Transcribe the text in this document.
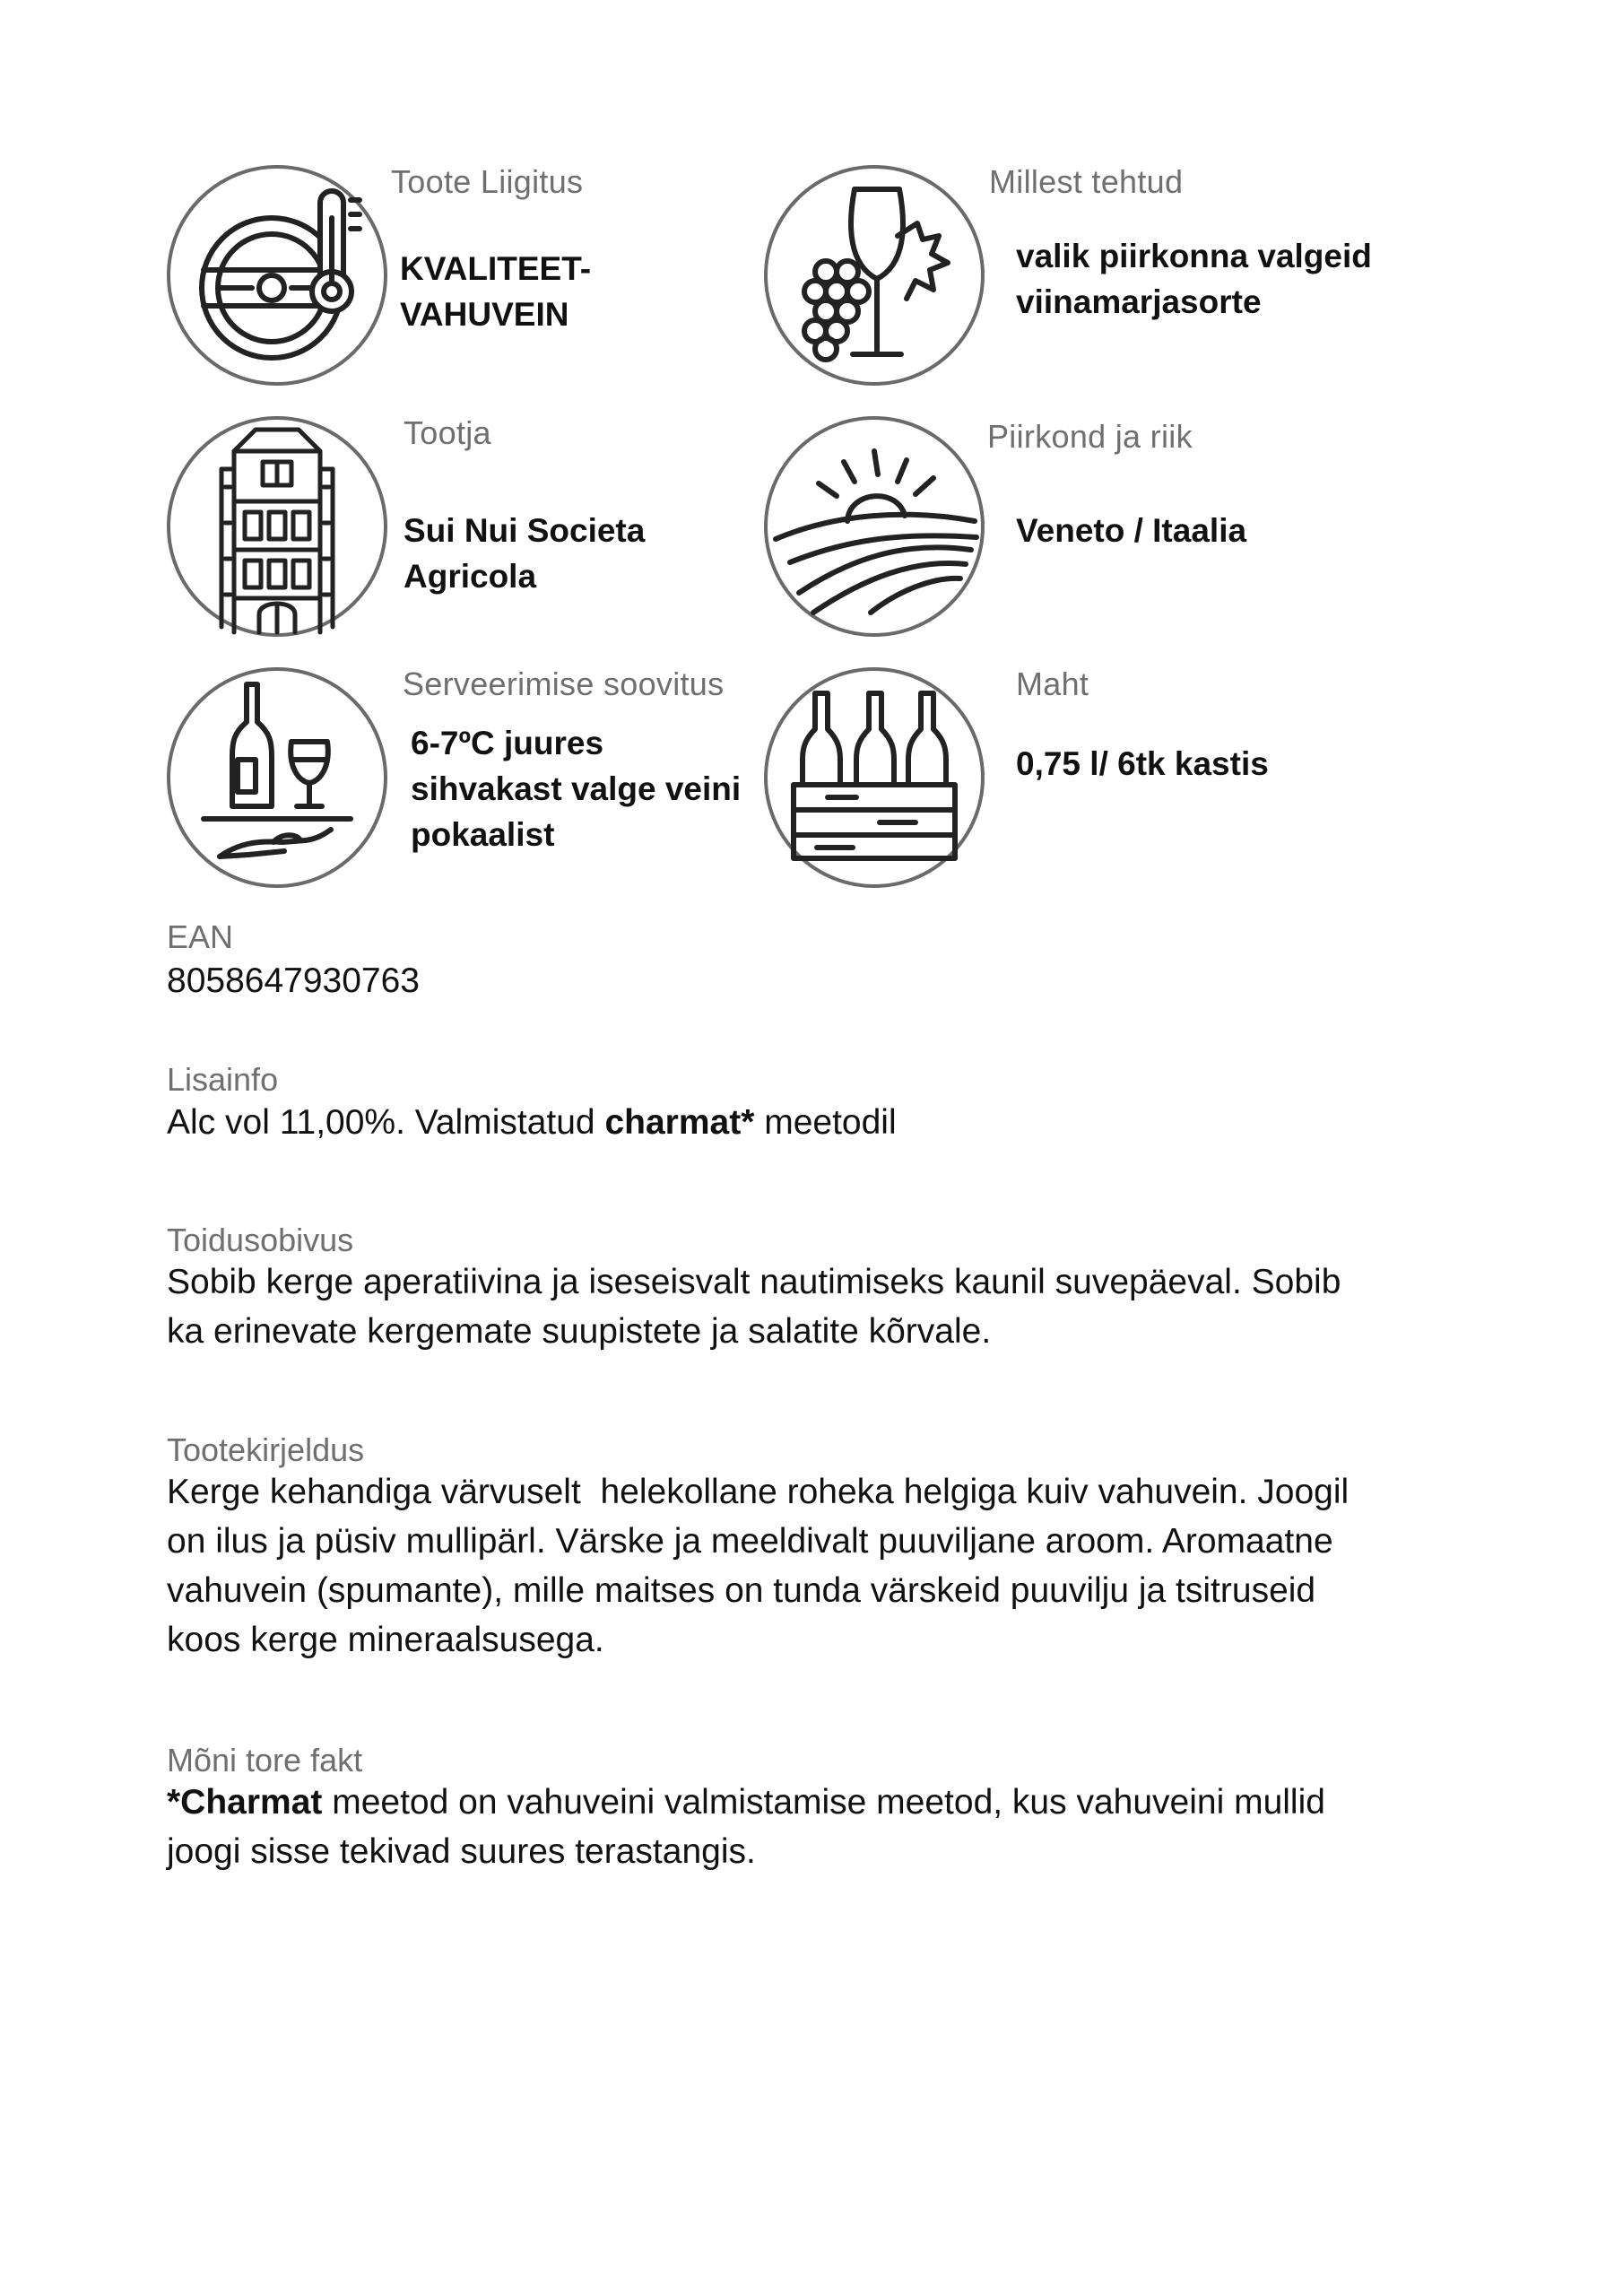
Toote Liigitus
KVALITEET-
VAHUVEIN
Millest tehtud
valik piirkonna valgeid
viinamarjasorte
Tootja
Sui Nui Societa
Agricola
Piirkond ja riik
Veneto / Itaalia
Serveerimise soovitus
6-7ºC juures
sihvakast valge veini
pokaalist
Maht
0,75 l/ 6tk kastis
EAN
8058647930763
Lisainfo
Alc vol 11,00%. Valmistatud charmat* meetodil
Toidusobivus
Sobib kerge aperatiivina ja iseseisvalt nautimiseks kaunil suvepäeval. Sobib
ka erinevate kergemate suupistete ja salatite kõrvale.
Tootekirjeldus
Kerge kehandiga värvuselt  helekollane roheka helgiga kuiv vahuvein. Joogil
on ilus ja püsiv mullipärl. Värske ja meeldivalt puuviljane aroom. Aromaatne
vahuvein (spumante), mille maitses on tunda värskeid puuvilju ja tsitruseid
koos kerge mineraalsusega.
Mõni tore fakt
*Charmat meetod on vahuveini valmistamise meetod, kus vahuveini mullid
joogi sisse tekivad suures terastangis.
